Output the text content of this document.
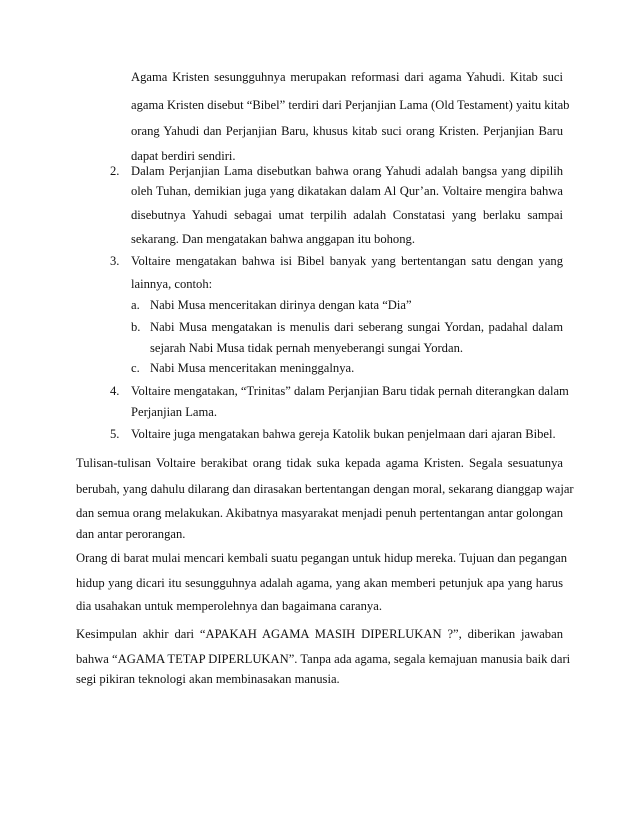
Agama Kristen sesungguhnya merupakan reformasi dari agama Yahudi. Kitab suci
agama Kristen disebut “Bibel” terdiri dari Perjanjian Lama (Old Testament) yaitu kitab
orang Yahudi dan Perjanjian Baru, khusus kitab suci orang Kristen. Perjanjian Baru
dapat berdiri sendiri.
2. Dalam Perjanjian Lama disebutkan bahwa orang Yahudi adalah bangsa yang dipilih
oleh Tuhan, demikian juga yang dikatakan dalam Al Qur’an. Voltaire mengira bahwa
disebutnya Yahudi sebagai umat terpilih adalah Constatasi yang berlaku sampai
sekarang. Dan mengatakan bahwa anggapan itu bohong.
3. Voltaire mengatakan bahwa isi Bibel banyak yang bertentangan satu dengan yang
lainnya, contoh:
a. Nabi Musa menceritakan dirinya dengan kata “Dia”
b. Nabi Musa mengatakan is menulis dari seberang sungai Yordan, padahal dalam
sejarah Nabi Musa tidak pernah menyeberangi sungai Yordan.
c. Nabi Musa menceritakan meninggalnya.
4. Voltaire mengatakan, “Trinitas” dalam Perjanjian Baru tidak pernah diterangkan dalam
Perjanjian Lama.
5. Voltaire juga mengatakan bahwa gereja Katolik bukan penjelmaan dari ajaran Bibel.
Tulisan-tulisan Voltaire berakibat orang tidak suka kepada agama Kristen. Segala sesuatunya
berubah, yang dahulu dilarang dan dirasakan bertentangan dengan moral, sekarang dianggap wajar
dan semua orang melakukan. Akibatnya masyarakat menjadi penuh pertentangan antar golongan
dan antar perorangan.
Orang di barat mulai mencari kembali suatu pegangan untuk hidup mereka. Tujuan dan pegangan
hidup yang dicari itu sesungguhnya adalah agama, yang akan memberi petunjuk apa yang harus
dia usahakan untuk memperolehnya dan bagaimana caranya.
Kesimpulan akhir dari “APAKAH AGAMA MASIH DIPERLUKAN ?”, diberikan jawaban
bahwa “AGAMA TETAP DIPERLUKAN”. Tanpa ada agama, segala kemajuan manusia baik dari
segi pikiran teknologi akan membinasakan manusia.
